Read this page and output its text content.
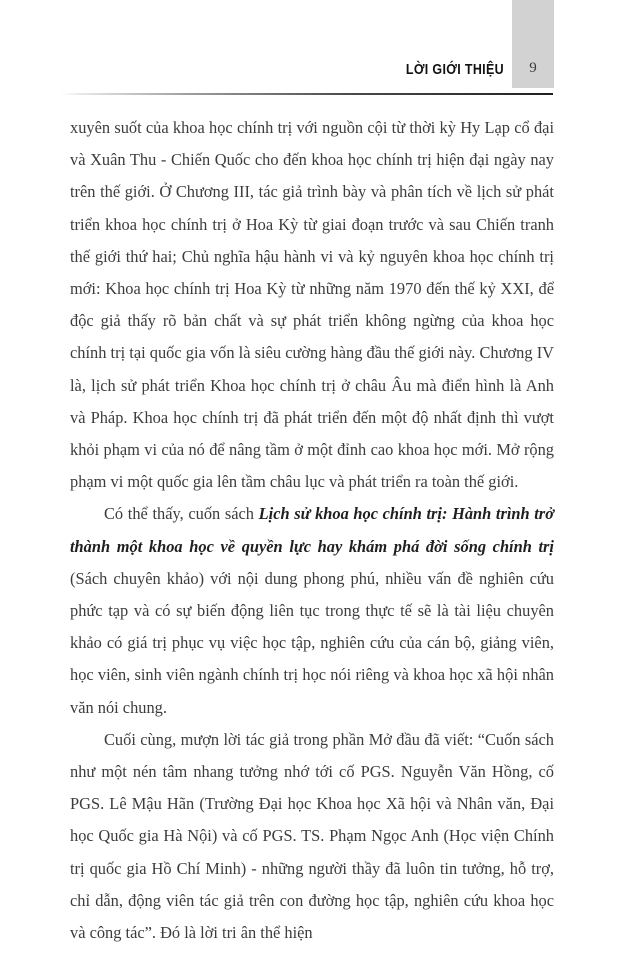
9
LỜI GIỚI THIỆU

xuyên suốt của khoa học chính trị với nguồn cội từ thời kỳ Hy Lạp cổ đại và Xuân Thu - Chiến Quốc cho đến khoa học chính trị hiện đại ngày nay trên thế giới. Ở Chương III, tác giả trình bày và phân tích về lịch sử phát triển khoa học chính trị ở Hoa Kỳ từ giai đoạn trước và sau Chiến tranh thế giới thứ hai; Chủ nghĩa hậu hành vi và kỷ nguyên khoa học chính trị mới: Khoa học chính trị Hoa Kỳ từ những năm 1970 đến thế kỷ XXI, để độc giả thấy rõ bản chất và sự phát triển không ngừng của khoa học chính trị tại quốc gia vốn là siêu cường hàng đầu thế giới này. Chương IV là, lịch sử phát triển Khoa học chính trị ở châu Âu mà điển hình là Anh và Pháp. Khoa học chính trị đã phát triển đến một độ nhất định thì vượt khỏi phạm vi của nó để nâng tầm ở một đỉnh cao khoa học mới. Mở rộng phạm vi một quốc gia lên tầm châu lục và phát triển ra toàn thế giới.

Có thể thấy, cuốn sách Lịch sử khoa học chính trị: Hành trình trở thành một khoa học về quyền lực hay khám phá đời sống chính trị (Sách chuyên khảo) với nội dung phong phú, nhiều vấn đề nghiên cứu phức tạp và có sự biến động liên tục trong thực tế sẽ là tài liệu chuyên khảo có giá trị phục vụ việc học tập, nghiên cứu của cán bộ, giảng viên, học viên, sinh viên ngành chính trị học nói riêng và khoa học xã hội nhân văn nói chung.

Cuối cùng, mượn lời tác giả trong phần Mở đầu đã viết: “Cuốn sách như một nén tâm nhang tưởng nhớ tới cố PGS. Nguyễn Văn Hồng, cố PGS. Lê Mậu Hãn (Trường Đại học Khoa học Xã hội và Nhân văn, Đại học Quốc gia Hà Nội) và cố PGS. TS. Phạm Ngọc Anh (Học viện Chính trị quốc gia Hồ Chí Minh) - những người thầy đã luôn tin tưởng, hỗ trợ, chỉ dẫn, động viên tác giả trên con đường học tập, nghiên cứu khoa học và công tác”. Đó là lời tri ân thể hiện
